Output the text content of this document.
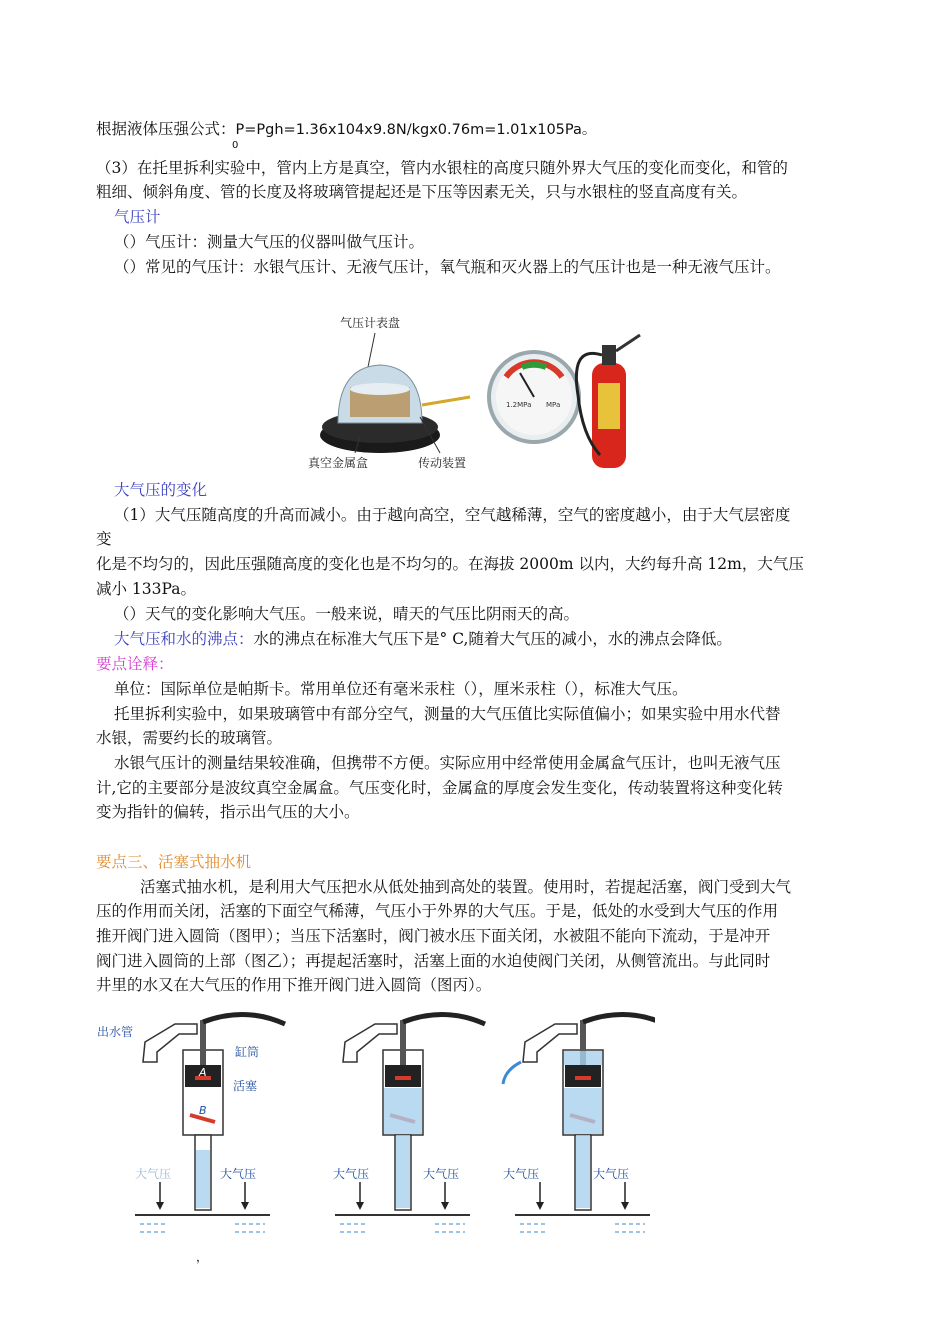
根据液体压强公式：P=Pgh=1.36x104x9.8N/kgx0.76m=1.01x105Pa。
0
（3）在托里拆利实验中，管内上方是真空，管内水银柱的高度只随外界大气压的变化而变化，和管的
粗细、倾斜角度、管的长度及将玻璃管提起还是下压等因素无关，只与水银柱的竖直高度有关。
气压计
（）气压计：测量大气压的仪器叫做气压计。
（）常见的气压计：水银气压计、无液气压计，氧气瓶和灭火器上的气压计也是一种无液气压计。
气压计表盘
真空金属盒	传动装置
1.2MPa MPa
大气压的变化
（1）大气压随高度的升高而减小。由于越向高空，空气越稀薄，空气的密度越小，由于大气层密度
变
化是不均匀的，因此压强随高度的变化也是不均匀的。在海拔 2000m 以内，大约每升高 12m，大气压
减小 133Pa。
（）天气的变化影响大气压。一般来说，晴天的气压比阴雨天的高。
大气压和水的沸点：水的沸点在标准大气压下是° C,随着大气压的减小，水的沸点会降低。
要点诠释：
单位：国际单位是帕斯卡。常用单位还有毫米汞柱（），厘米汞柱（），标准大气压。
托里拆利实验中，如果玻璃管中有部分空气，测量的大气压值比实际值偏小；如果实验中用水代替
水银，需要约长的玻璃管。
水银气压计的测量结果较准确，但携带不方便。实际应用中经常使用金属盒气压计，也叫无液气压
计,它的主要部分是波纹真空金属盒。气压变化时，金属盒的厚度会发生变化，传动装置将这种变化转
变为指针的偏转，指示出气压的大小。
要点三、活塞式抽水机
活塞式抽水机，是利用大气压把水从低处抽到高处的装置。使用时，若提起活塞，阀门受到大气
压的作用而关闭，活塞的下面空气稀薄，气压小于外界的大气压。于是，低处的水受到大气压的作用
推开阀门进入圆筒（图甲）；当压下活塞时，阀门被水压下面关闭，水被阻不能向下流动，于是冲开
阀门进入圆筒的上部（图乙）；再提起活塞时，活塞上面的水迫使阀门关闭，从侧管流出。与此同时
井里的水又在大气压的作用下推开阀门进入圆筒（图丙）。
出水管
缸筒
活塞
A
B
大气压	大气压	大气压	大气压	大气压	大气压
，
